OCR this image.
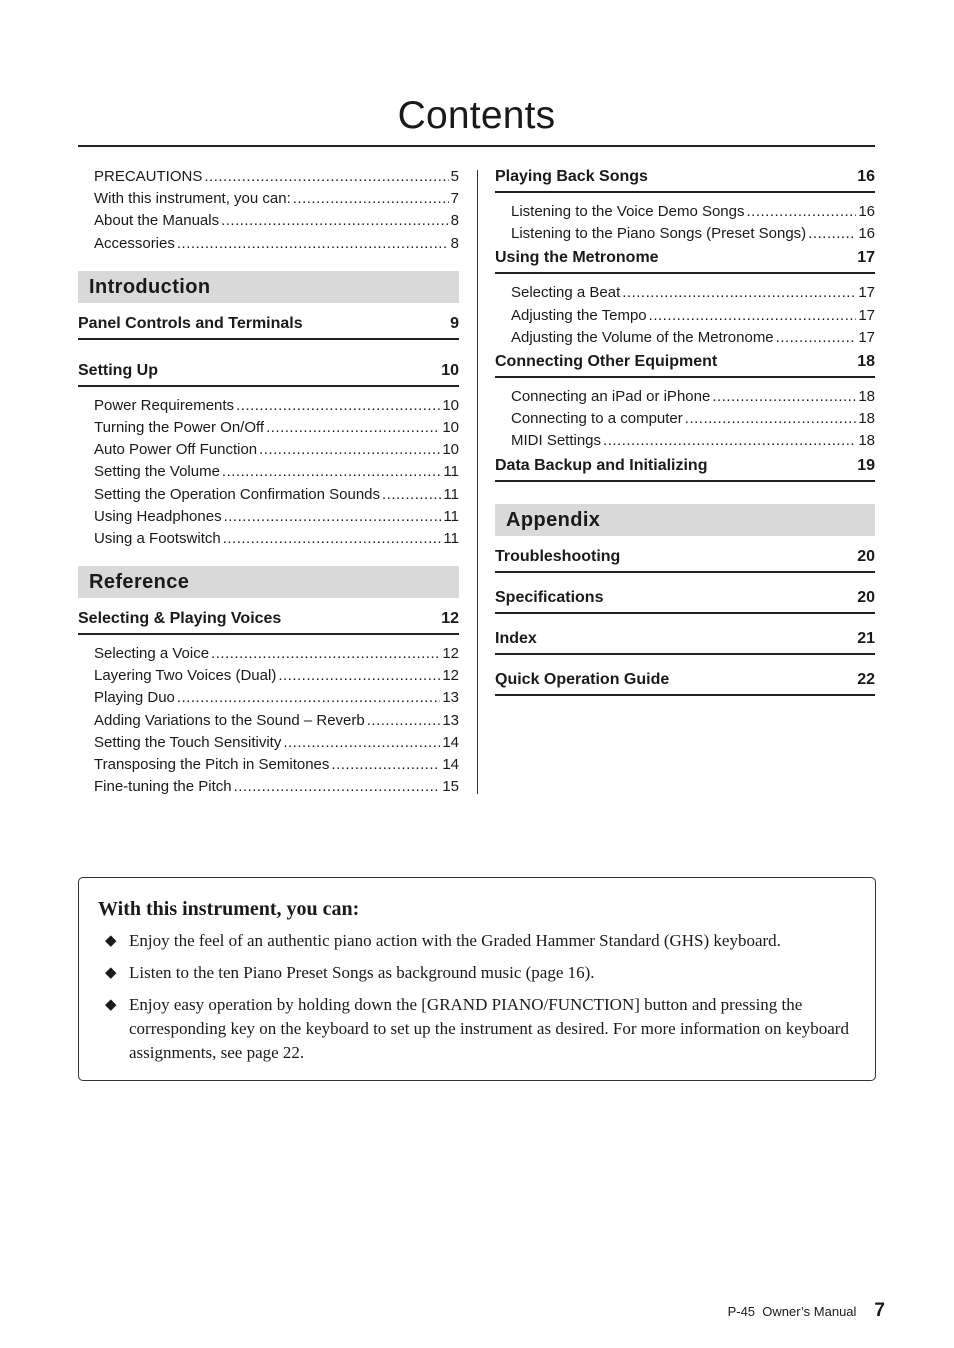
Contents
PRECAUTIONS .....	5
With this instrument, you can: .....	7
About the Manuals .....	8
Accessories .....	8
Introduction
Panel Controls and Terminals	9
Setting Up	10
Power Requirements .....	10
Turning the Power On/Off .....	10
Auto Power Off Function .....	10
Setting the Volume .....	11
Setting the Operation Confirmation Sounds .....	11
Using Headphones .....	11
Using a Footswitch .....	11
Reference
Selecting & Playing Voices	12
Selecting a Voice .....	12
Layering Two Voices (Dual) .....	12
Playing Duo .....	13
Adding Variations to the Sound – Reverb .....	13
Setting the Touch Sensitivity .....	14
Transposing the Pitch in Semitones .....	14
Fine-tuning the Pitch .....	15
Playing Back Songs	16
Listening to the Voice Demo Songs .....	16
Listening to the Piano Songs (Preset Songs) .....	16
Using the Metronome	17
Selecting a Beat .....	17
Adjusting the Tempo .....	17
Adjusting the Volume of the Metronome .....	17
Connecting Other Equipment	18
Connecting an iPad or iPhone .....	18
Connecting to a computer .....	18
MIDI Settings .....	18
Data Backup and Initializing	19
Appendix
Troubleshooting	20
Specifications	20
Index	21
Quick Operation Guide	22
With this instrument, you can:
◆ Enjoy the feel of an authentic piano action with the Graded Hammer Standard (GHS) keyboard.
◆ Listen to the ten Piano Preset Songs as background music (page 16).
◆ Enjoy easy operation by holding down the [GRAND PIANO/FUNCTION] button and pressing the corresponding key on the keyboard to set up the instrument as desired. For more information on keyboard assignments, see page 22.
P-45  Owner’s Manual 7
